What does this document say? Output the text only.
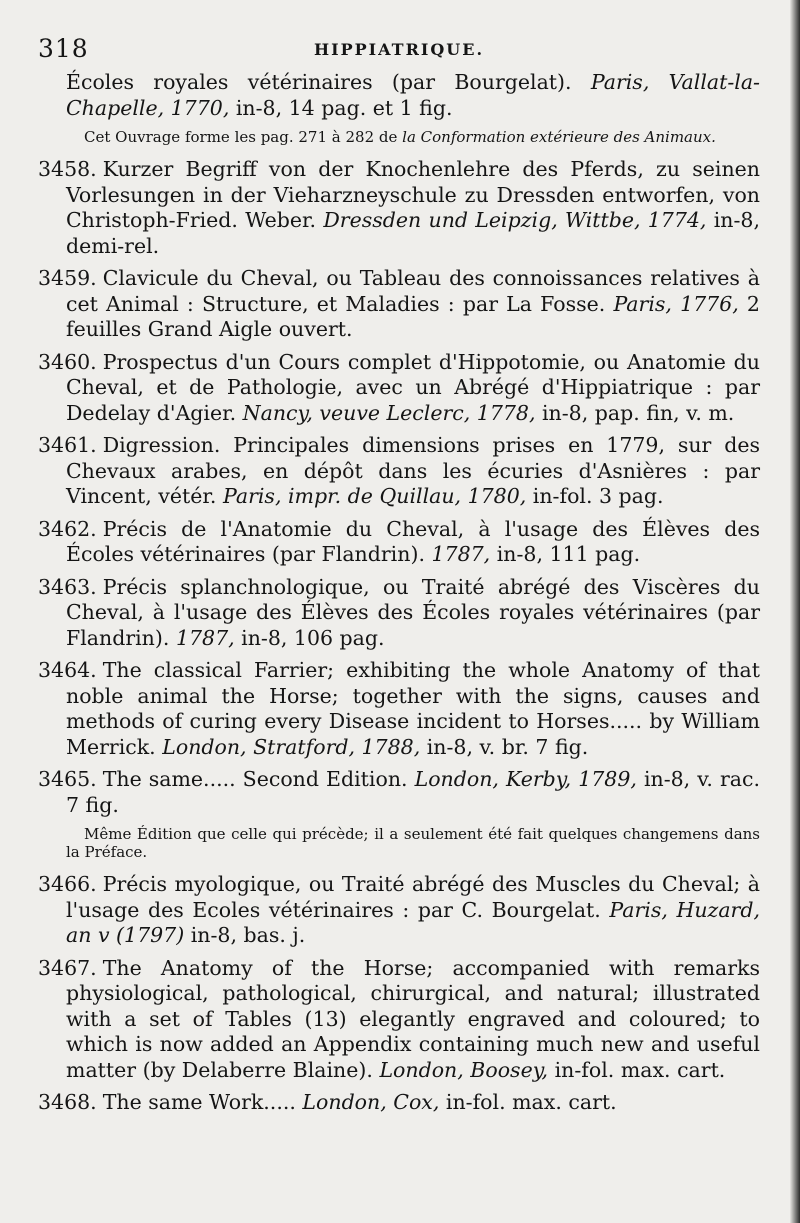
318	HIPPIATRIQUE.

Écoles royales vétérinaires (par Bourgelat). Paris, Vallat-la-Chapelle, 1770, in-8, 14 pag. et 1 fig.

Cet Ouvrage forme les pag. 271 à 282 de la Conformation extérieure des Animaux.

3458. Kurzer Begriff von der Knochenlehre des Pferds, zu seinen Vorlesungen in der Vieharzneyschule zu Dressden entworfen, von Christoph-Fried. Weber. Dressden und Leipzig, Wittbe, 1774, in-8, demi-rel.

3459. Clavicule du Cheval, ou Tableau des connoissances relatives à cet Animal : Structure, et Maladies : par La Fosse. Paris, 1776, 2 feuilles Grand Aigle ouvert.

3460. Prospectus d'un Cours complet d'Hippotomie, ou Anatomie du Cheval, et de Pathologie, avec un Abrégé d'Hippiatrique : par Dedelay d'Agier. Nancy, veuve Leclerc, 1778, in-8, pap. fin, v. m.

3461. Digression. Principales dimensions prises en 1779, sur des Chevaux arabes, en dépôt dans les écuries d'Asnières : par Vincent, vétér. Paris, impr. de Quillau, 1780, in-fol. 3 pag.

3462. Précis de l'Anatomie du Cheval, à l'usage des Élèves des Écoles vétérinaires (par Flandrin). 1787, in-8, 111 pag.

3463. Précis splanchnologique, ou Traité abrégé des Viscères du Cheval, à l'usage des Élèves des Écoles royales vétérinaires (par Flandrin). 1787, in-8, 106 pag.

3464. The classical Farrier; exhibiting the whole Anatomy of that noble animal the Horse; together with the signs, causes and methods of curing every Disease incident to Horses..... by William Merrick. London, Stratford, 1788, in-8, v. br. 7 fig.

3465. The same..... Second Edition. London, Kerby, 1789, in-8, v. rac. 7 fig.

Même Édition que celle qui précède; il a seulement été fait quelques changemens dans la Préface.

3466. Précis myologique, ou Traité abrégé des Muscles du Cheval; à l'usage des Ecoles vétérinaires : par C. Bourgelat. Paris, Huzard, an v (1797) in-8, bas. j.

3467. The Anatomy of the Horse; accompanied with remarks physiological, pathological, chirurgical, and natural; illustrated with a set of Tables (13) elegantly engraved and coloured; to which is now added an Appendix containing much new and useful matter (by Delaberre Blaine). London, Boosey, in-fol. max. cart.

3468. The same Work..... London, Cox, in-fol. max. cart.
